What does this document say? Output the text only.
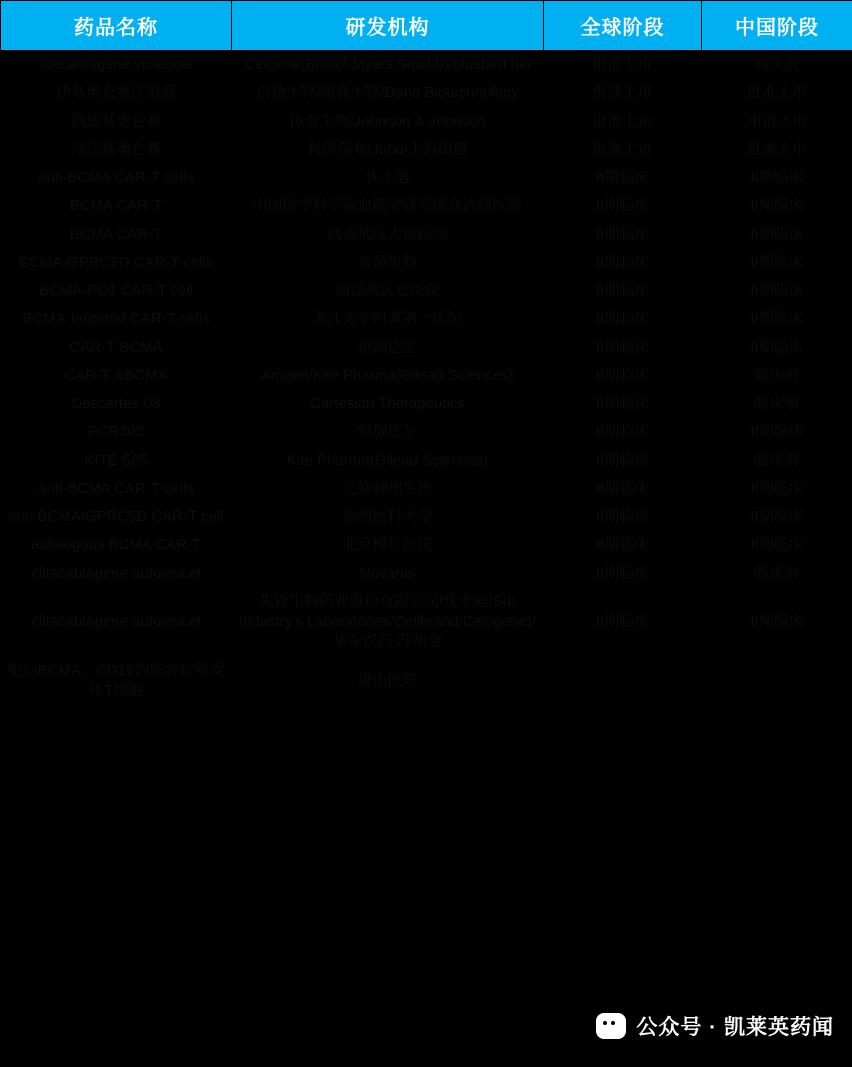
药品名称	研发机构	全球阶段	中国阶段
idecabtagene vicleucel	Celgene(Bristol-Myers Squibb)/bluebird bio	批准上市	临床前
伊基奥仑赛注射液	信达生物/驯鹿生物/Dana Biotechnology	批准上市	批准上市
西达基奥仑赛	传奇生物/Johnson & Johnson	批准上市	申请上市
泽沃基奥仑赛	科济药业/Juno/上海国健	批准上市	批准上市
anti-BCMA CAR-T cells	优卡迪	II期临床	II期临床
BCMA CAR-T	中国医学科学院血液学研究所血液病医院	II期临床	II期临床
BCMA CAR-T	西南地区人民医院	II期临床	II期临床
BCMA-GPRC5D CAR-T cells	合源生物	II期临床	II期临床
BCMA-PD1 CAR-T cell	南部战区总医院	II期临床	II期临床
BCMA-targeted CAR-T cells	浙江大学附属第一医院	II期临床	II期临床
CAR-T BCMA	恒润达生	II期临床	II期临床
CAR-T &BCMA	Amgen/Kite Pharma(Gilead Sciences)	II期临床	临床前
Descartes-08	Cartesian Therapeutics	II期临床	临床前
FCR302	恒瑞达生	II期临床	II期临床
KITE-585	Kite Pharma(Gilead Sciences)	II期临床	临床前
anti-BCMA CAR-T cells	艺妙神州生物	II期临床	II期临床
anti-BCMA/GPRC5D CAR-T cell	徐州医科大学	II期临床	II期临床
autologous BCMA CAR-T	北京博仁医院	II期临床	II期临床
ciltacabtagene autoleucel	Novartis	II期临床	临床前
ciltacabtagene autoleucel	先锋生物药业股份有限公司/优卡迪/Srb Industry's Laboratories/Cellbrand/Celogene)/华东医药 苏州金	II期临床	II期临床
靶向BCMA、CD19的嵌合抗原受体T细胞	唐山医院		
公众号 · 凯莱英药闻
